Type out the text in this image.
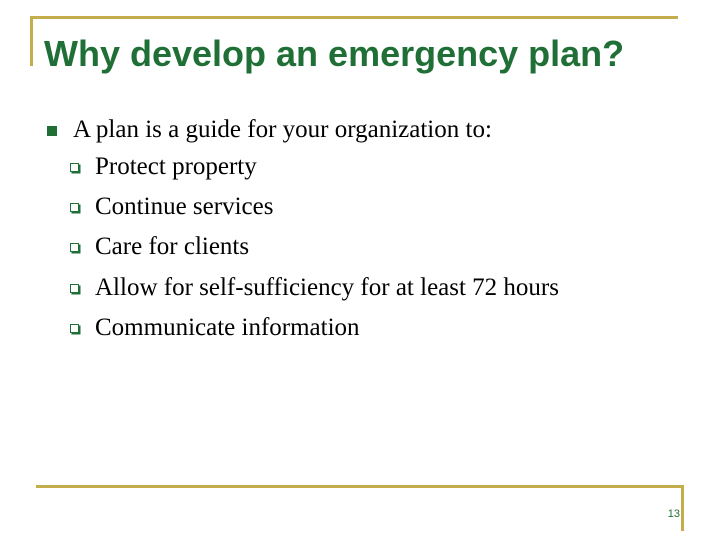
Why develop an emergency plan?
A plan is a guide for your organization to:
Protect property
Continue services
Care for clients
Allow for self-sufficiency for at least 72 hours
Communicate information
13
